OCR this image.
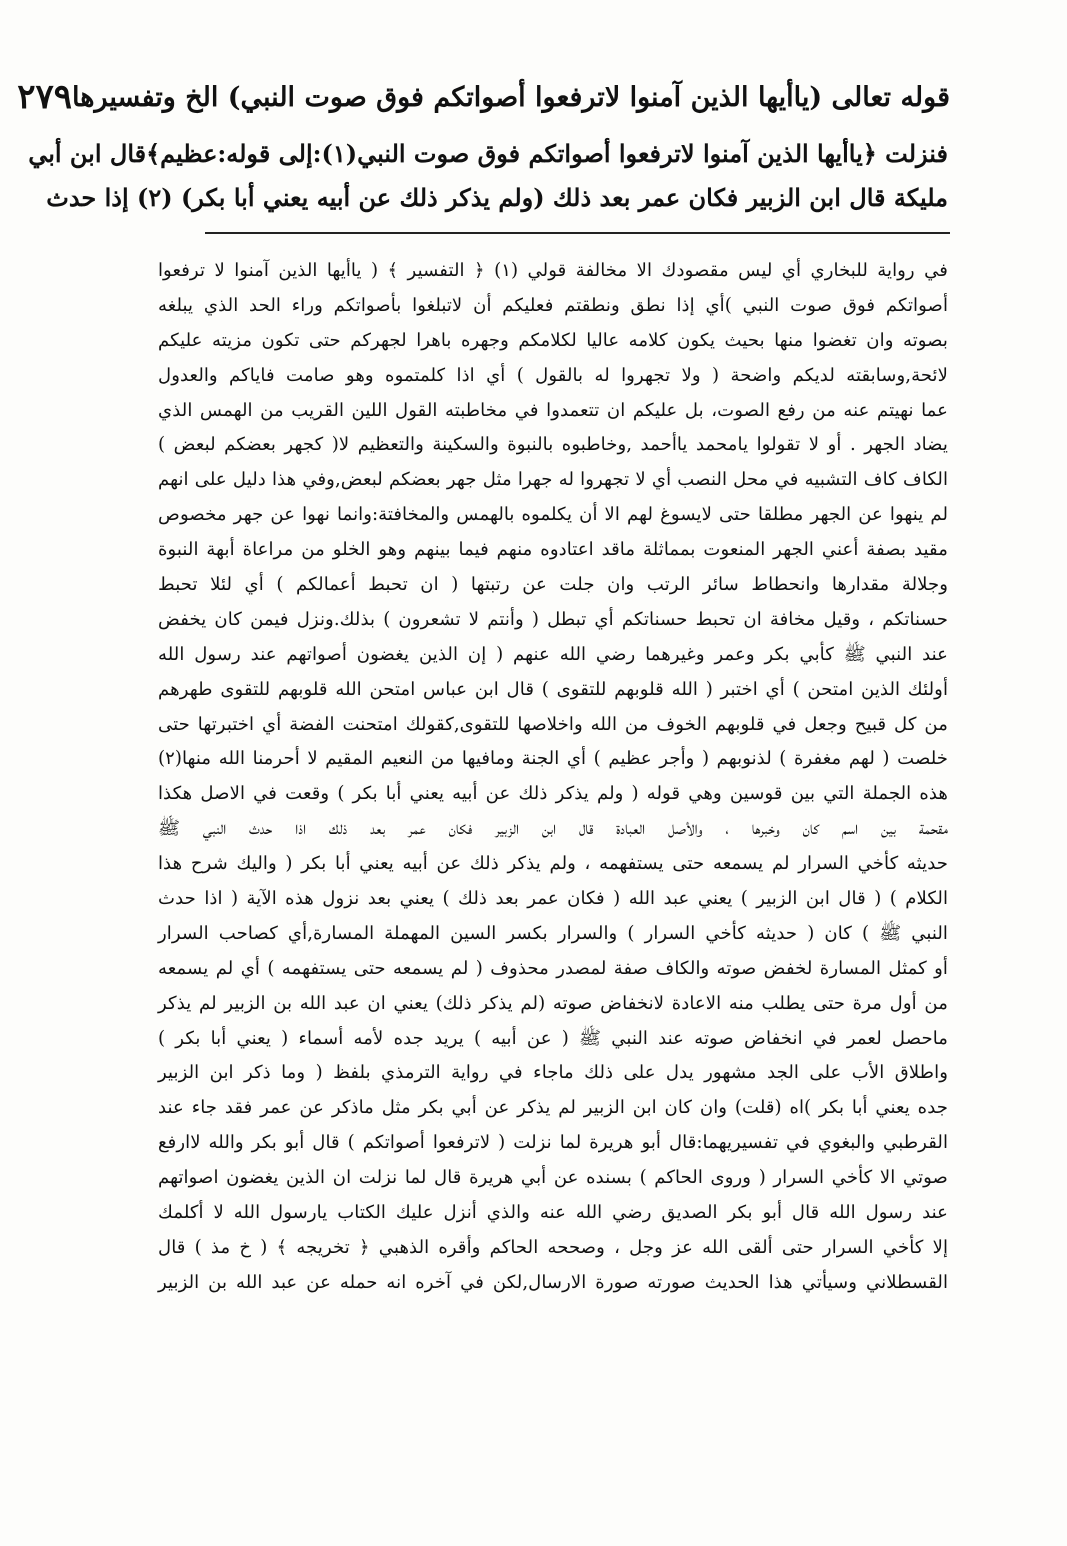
قوله تعالى (ياأيها الذين آمنوا لاترفعوا أصواتكم فوق صوت النبي) الخ وتفسيرها
٢٧٩
فنزلت ﴿ياأيها الذين آمنوا لاترفعوا أصواتكم فوق صوت النبي(١):إلى قوله:عظيم﴾قال ابن أبي
مليكة قال ابن الزبير فكان عمر بعد ذلك (ولم يذكر ذلك عن أبيه يعني أبا بكر) (٢) إذا حدث
في رواية للبخاري أي ليس مقصودك الا مخالفة قولي (١) ﴿ التفسير ﴾ ( ياأيها الذين آمنوا لا ترفعوا
أصواتكم فوق صوت النبي )أي إذا نطق ونطقتم فعليكم أن لاتبلغوا بأصواتكم وراء الحد الذي يبلغه
بصوته وان تغضوا منها بحيث يكون كلامه عاليا لكلامكم وجهره باهرا لجهركم حتى تكون مزيته عليكم
لائحة,وسابقته لديكم واضحة ( ولا تجهروا له بالقول ) أي اذا كلمتموه وهو صامت فاياكم والعدول
عما نهيتم عنه من رفع الصوت، بل عليكم ان تتعمدوا في مخاطبته القول اللين القريب من الهمس الذي
يضاد الجهر . أو لا تقولوا يامحمد ياأحمد ,وخاطبوه بالنبوة والسكينة والتعظيم لا( كجهر بعضكم لبعض )
الكاف كاف التشبيه في محل النصب أي لا تجهروا له جهرا مثل جهر بعضكم لبعض,وفي هذا دليل على انهم
لم ينهوا عن الجهر مطلقا حتى لايسوغ لهم الا أن يكلموه بالهمس والمخافتة:وانما نهوا عن جهر مخصوص
مقيد بصفة أعني الجهر المنعوت بمماثلة ماقد اعتادوه منهم فيما بينهم وهو الخلو من مراعاة أبهة النبوة
وجلالة مقدارها وانحطاط سائر الرتب وان جلت عن رتبتها ( ان تحبط أعمالكم ) أي لئلا تحبط
حسناتكم ، وقيل مخافة ان تحبط حسناتكم أي تبطل ( وأنتم لا تشعرون ) بذلك.ونزل فيمن كان يخفض
عند النبي ﷺ كأبي بكر وعمر وغيرهما رضي الله عنهم ( إن الذين يغضون أصواتهم عند رسول الله
أولئك الذين امتحن ) أي اختبر ( الله قلوبهم للتقوى ) قال ابن عباس امتحن الله قلوبهم للتقوى طهرهم
من كل قبيح وجعل في قلوبهم الخوف من الله واخلاصها للتقوى,كقولك امتحنت الفضة أي اختبرتها حتى
خلصت ( لهم مغفرة ) لذنوبهم ( وأجر عظيم ) أي الجنة ومافيها من النعيم المقيم لا أحرمنا الله منها(٢)
هذه الجملة التي بين قوسين وهي قوله ( ولم يذكر ذلك عن أبيه يعني أبا بكر ) وقعت في الاصل هكذا
مقحمة بين اسم كان وخبرها ، والأصل العبادة قال ابن الزبير فكان عمر بعد ذلك اذا حدث النبي ﷺ
حديثه كأخي السرار لم يسمعه حتى يستفهمه ، ولم يذكر ذلك عن أبيه يعني أبا بكر ( واليك شرح هذا
الكلام ) ( قال ابن الزبير ) يعني عبد الله ( فكان عمر بعد ذلك ) يعني بعد نزول هذه الآية ( اذا حدث
النبي ﷺ ) كان ( حديثه كأخي السرار ) والسرار بكسر السين المهملة المسارة,أي كصاحب السرار
أو كمثل المسارة لخفض صوته والكاف صفة لمصدر محذوف ( لم يسمعه حتى يستفهمه ) أي لم يسمعه
من أول مرة حتى يطلب منه الاعادة لانخفاض صوته (لم يذكر ذلك) يعني ان عبد الله بن الزبير لم يذكر
ماحصل لعمر في انخفاض صوته عند النبي ﷺ ( عن أبيه ) يريد جده لأمه أسماء ( يعني أبا بكر )
واطلاق الأب على الجد مشهور يدل على ذلك ماجاء في رواية الترمذي بلفظ ( وما ذكر ابن الزبير
جده يعني أبا بكر )اه (قلت) وان كان ابن الزبير لم يذكر عن أبي بكر مثل ماذكر عن عمر فقد جاء عند
القرطبي والبغوي في تفسيريهما:قال أبو هريرة لما نزلت ( لاترفعوا أصواتكم ) قال أبو بكر والله لاارفع
صوتي الا كأخي السرار ( وروى الحاكم ) بسنده عن أبي هريرة قال لما نزلت ان الذين يغضون اصواتهم
عند رسول الله قال أبو بكر الصديق رضي الله عنه والذي أنزل عليك الكتاب يارسول الله لا أكلمك
إلا كأخي السرار حتى ألقى الله عز وجل ، وصححه الحاكم وأقره الذهبي ﴿ تخريجه ﴾ ( خ مذ ) قال
القسطلاني وسيأتي هذا الحديث صورته صورة الارسال,لكن في آخره انه حمله عن عبد الله بن الزبير
